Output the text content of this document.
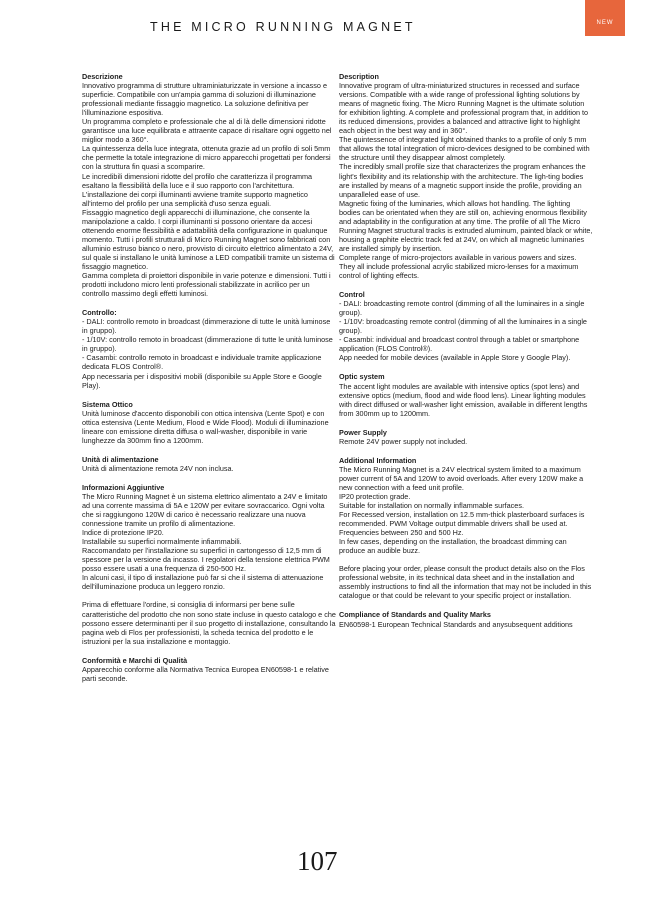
THE MICRO RUNNING MAGNET	NEW

Descrizione

Innovativo programma di strutture ultraminiaturizzate in versione a incasso e superficie. Compatibile con un'ampia gamma di soluzioni di illuminazione professionali mediante fissaggio magnetico. La soluzione definitiva per l'illuminazione espositiva.

Un programma completo e professionale che al di là delle dimensioni ridotte garantisce una luce equilibrata e attraente capace di risaltare ogni oggetto nel miglior modo a 360°.

La quintessenza della luce integrata, ottenuta grazie ad un profilo di soli 5mm che permette la totale integrazione di micro apparecchi progettati per fondersi con la struttura fin quasi a scomparire.

Le incredibili dimensioni ridotte del profilo che caratterizza il programma esaltano la flessibilità della luce e il suo rapporto con l'architettura. L'installazione dei corpi illuminanti avviene tramite supporto magnetico all'interno del profilo per una semplicità d'uso senza eguali.

Fissaggio magnetico degli apparecchi di illuminazione, che consente la manipolazione a caldo. I corpi illuminanti si possono orientare da accesi ottenendo enorme flessibilità e adattabilità della configurazione in qualunque momento. Tutti i profili strutturali di Micro Running Magnet sono fabbricati con alluminio estruso bianco o nero, provvisto di circuito elettrico alimentato a 24V, sul quale si installano le unità luminose a LED compatibili tramite un sistema di fissaggio magnetico.

Gamma completa di proiettori disponibile in varie potenze e dimensioni. Tutti i prodotti includono micro lenti professionali stabilizzate in acrilico per un controllo massimo degli effetti luminosi.

Controllo:

- DALI: controllo remoto in broadcast (dimmerazione di tutte le unità luminose in gruppo).

- 1/10V: controllo remoto in broadcast (dimmerazione di tutte le unità luminose in gruppo).

- Casambi: controllo remoto in broadcast e individuale tramite applicazione dedicata FLOS Control®.

App necessaria per i dispositivi mobili (disponibile su Apple Store e Google Play).

Sistema Ottico

Unità luminose d'accento disponobili con ottica intensiva (Lente Spot) e con ottica estensiva (Lente Medium, Flood e Wide Flood). Moduli di illuminazione lineare con emissione diretta diffusa o wall-washer, disponibile in varie lunghezze da 300mm fino a 1200mm.

Unità di alimentazione

Unità di alimentazione remota 24V non inclusa.

Informazioni Aggiuntive

The Micro Running Magnet è un sistema elettrico alimentato a 24V e limitato ad una corrente massima di 5A e 120W per evitare sovraccarico. Ogni volta che si raggiungono 120W di carico è necessario realizzare una nuova connessione tramite un profilo di alimentazione.

Indice di protezione IP20.

Installabile su superfici normalmente infiammabili.

Raccomandato per l'installazione su superfici in cartongesso di 12,5 mm di spessore per la versione da incasso. I regolatori della tensione elettrica PWM posso essere usati a una frequenza di 250-500 Hz.

In alcuni casi, il tipo di installazione può far si che il sistema di attenuazione dell'illuminazione produca un leggero ronzio.

Prima di effettuare l'ordine, si consiglia di informarsi per bene sulle caratteristiche del prodotto che non sono state incluse in questo catalogo e che possono essere determinanti per il suo progetto di installazione, consultando la pagina web di Flos per professionisti, la scheda tecnica del prodotto e le istruzioni per la sua installazione e montaggio.

Conformità e Marchi di Qualità

Apparecchio conforme alla Normativa Tecnica Europea EN60598-1 e relative parti seconde.

Description

Innovative program of ultra-miniaturized structures in recessed and surface versions. Compatible with a wide range of professional lighting solutions by means of magnetic fixing. The Micro Running Magnet is the ultimate solution for exhibition lighting. A complete and professional program that, in addition to its reduced dimensions, provides a balanced and attractive light to highlight each object in the best way and in 360°.

The quintessence of integrated light obtained thanks to a profile of only 5 mm that allows the total integration of micro-devices designed to be combined with the structure until they disappear almost completely.

The incredibly small profile size that characterizes the program enhances the light's flexibility and its relationship with the architecture. The ligh-ting bodies are installed by means of a magnetic support inside the profile, providing an unparalleled ease of use.

Magnetic fixing of the luminaries, which allows hot handling. The lighting bodies can be orientated when they are still on, achieving enormous flexibility and adaptability in the configuration at any time. The profile of all The Micro Running Magnet structural tracks is extruded aluminum, painted black or white, housing a graphite electric track fed at 24V, on which all magnetic luminaries are installed simply by insertion.

Complete range of micro-projectors available in various powers and sizes. They all include professional acrylic stabilized micro-lenses for a maximum control of lighting effects.

Control

- DALI: broadcasting remote control (dimming of all the luminaires in a single group).

- 1/10V: broadcasting remote control (dimming of all the luminaires in a single group).

- Casambi: individual and broadcast control through a tablet or smartphone application (FLOS Control®).

App needed for mobile devices (available in Apple Store y Google Play).

Optic system

The accent light modules are available with intensive optics (spot lens) and extensive optics (medium, flood and wide flood lens). Linear lighting modules with direct diffused or wall-washer light emission, available in different lengths from 300mm up to 1200mm.

Power Supply

Remote 24V power supply not included.

Additional Information

The Micro Running Magnet is a 24V electrical system limited to a maximum power current of 5A and 120W to avoid overloads. After every 120W make a new connection with a feed unit profile.

IP20 protection grade.

Suitable for installation on normally inflammable surfaces.

For Recessed version, installation on 12.5 mm-thick plasterboard surfaces is recommended. PWM Voltage output dimmable drivers shall be used at. Frequencies between 250 and 500 Hz.

In few cases, depending on the installation, the broadcast dimming can produce an audible buzz.

Before placing your order, please consult the product details also on the Flos professional website, in its technical data sheet and in the installation and assembly instructions to find all the information that may not be included in this catalogue or that could be relevant to your specific project or installation.

Compliance of Standards and Quality Marks

EN60598-1 European Technical Standards and anysubsequent additions

107
